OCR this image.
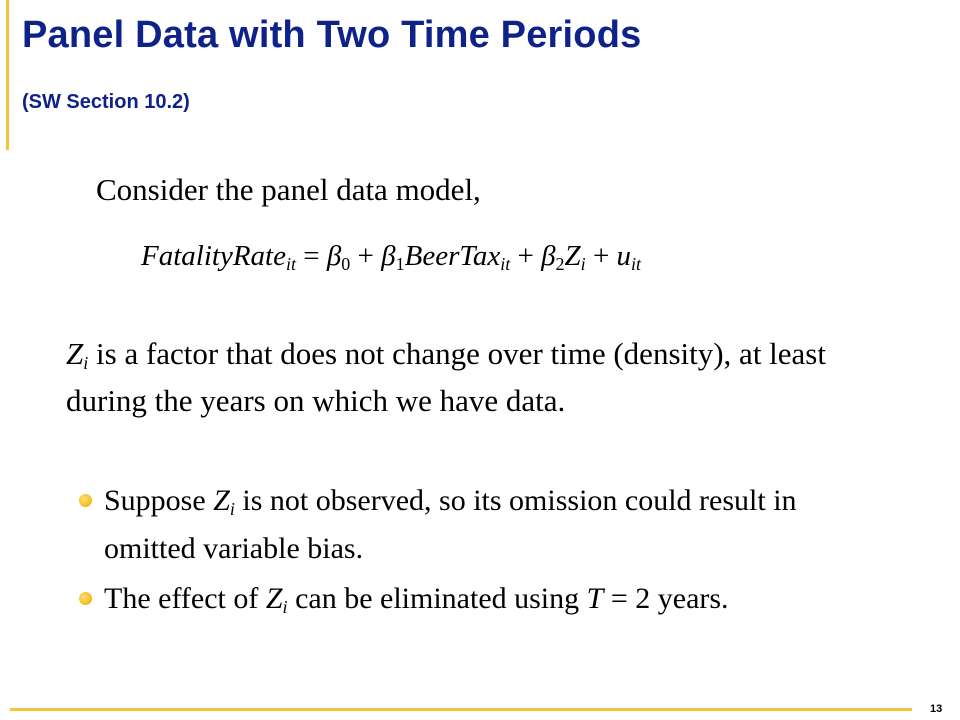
Panel Data with Two Time Periods
(SW Section 10.2)
Consider the panel data model,
FatalityRate$_{it}$ = $\beta_0$ + $\beta_1BeerTax_{it} + \beta_2Z_i + u_{it}$
$Z_i$ is a factor that does not change over time (density), at least
during the years on which we have data.
Suppose $Z_i$ is not observed, so its omission could result in
omitted variable bias.
The effect of $Z_i$ can be eliminated using T = 2 years.
13
